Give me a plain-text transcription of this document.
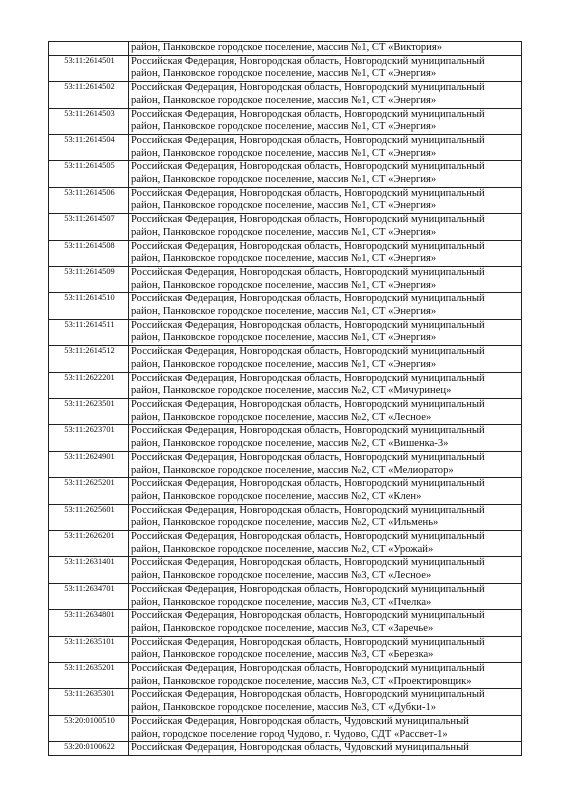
	район, Панковское городское поселение, массив №1, СТ «Виктория»

53:11:2614501	Российская Федерация, Новгородская область, Новгородский муниципальный
район, Панковское городское поселение, массив №1, СТ «Энергия»

53:11:2614502	Российская Федерация, Новгородская область, Новгородский муниципальный
район, Панковское городское поселение, массив №1, СТ «Энергия»

53:11:2614503	Российская Федерация, Новгородская область, Новгородский муниципальный
район, Панковское городское поселение, массив №1, СТ «Энергия»

53:11:2614504	Российская Федерация, Новгородская область, Новгородский муниципальный
район, Панковское городское поселение, массив №1, СТ «Энергия»

53:11:2614505	Российская Федерация, Новгородская область, Новгородский муниципальный
район, Панковское городское поселение, массив №1, СТ «Энергия»

53:11:2614506	Российская Федерация, Новгородская область, Новгородский муниципальный
район, Панковское городское поселение, массив №1, СТ «Энергия»

53:11:2614507	Российская Федерация, Новгородская область, Новгородский муниципальный
район, Панковское городское поселение, массив №1, СТ «Энергия»

53:11:2614508	Российская Федерация, Новгородская область, Новгородский муниципальный
район, Панковское городское поселение, массив №1, СТ «Энергия»

53:11:2614509	Российская Федерация, Новгородская область, Новгородский муниципальный
район, Панковское городское поселение, массив №1, СТ «Энергия»

53:11:2614510	Российская Федерация, Новгородская область, Новгородский муниципальный
район, Панковское городское поселение, массив №1, СТ «Энергия»

53:11:2614511	Российская Федерация, Новгородская область, Новгородский муниципальный
район, Панковское городское поселение, массив №1, СТ «Энергия»

53:11:2614512	Российская Федерация, Новгородская область, Новгородский муниципальный
район, Панковское городское поселение, массив №1, СТ «Энергия»

53:11:2622201	Российская Федерация, Новгородская область, Новгородский муниципальный
район, Панковское городское поселение, массив №2, СТ «Мичуринец»

53:11:2623501	Российская Федерация, Новгородская область, Новгородский муниципальный
район, Панковское городское поселение, массив №2, СТ «Лесное»

53:11:2623701	Российская Федерация, Новгородская область, Новгородский муниципальный
район, Панковское городское поселение, массив №2, СТ «Вишенка-3»

53:11:2624901	Российская Федерация, Новгородская область, Новгородский муниципальный
район, Панковское городское поселение, массив №2, СТ «Мелиоратор»

53:11:2625201	Российская Федерация, Новгородская область, Новгородский муниципальный
район, Панковское городское поселение, массив №2, СТ «Клен»

53:11:2625601	Российская Федерация, Новгородская область, Новгородский муниципальный
район, Панковское городское поселение, массив №2, СТ «Ильмень»

53:11:2626201	Российская Федерация, Новгородская область, Новгородский муниципальный
район, Панковское городское поселение, массив №2, СТ «Урожай»

53:11:2631401	Российская Федерация, Новгородская область, Новгородский муниципальный
район, Панковское городское поселение, массив №3, СТ «Лесное»

53:11:2634701	Российская Федерация, Новгородская область, Новгородский муниципальный
район, Панковское городское поселение, массив №3, СТ «Пчелка»

53:11:2634801	Российская Федерация, Новгородская область, Новгородский муниципальный
район, Панковское городское поселение, массив №3, СТ «Заречье»

53:11:2635101	Российская Федерация, Новгородская область, Новгородский муниципальный
район, Панковское городское поселение, массив №3, СТ «Березка»

53:11:2635201	Российская Федерация, Новгородская область, Новгородский муниципальный
район, Панковское городское поселение, массив №3, СТ «Проектировщик»

53:11:2635301	Российская Федерация, Новгородская область, Новгородский муниципальный
район, Панковское городское поселение, массив №3, СТ «Дубки-1»

53:20:0100510	Российская Федерация, Новгородская область, Чудовский муниципальный
район, городское поселение город Чудово, г. Чудово, СДТ «Рассвет-1»

53:20:0100622	Российская Федерация, Новгородская область, Чудовский муниципальный
